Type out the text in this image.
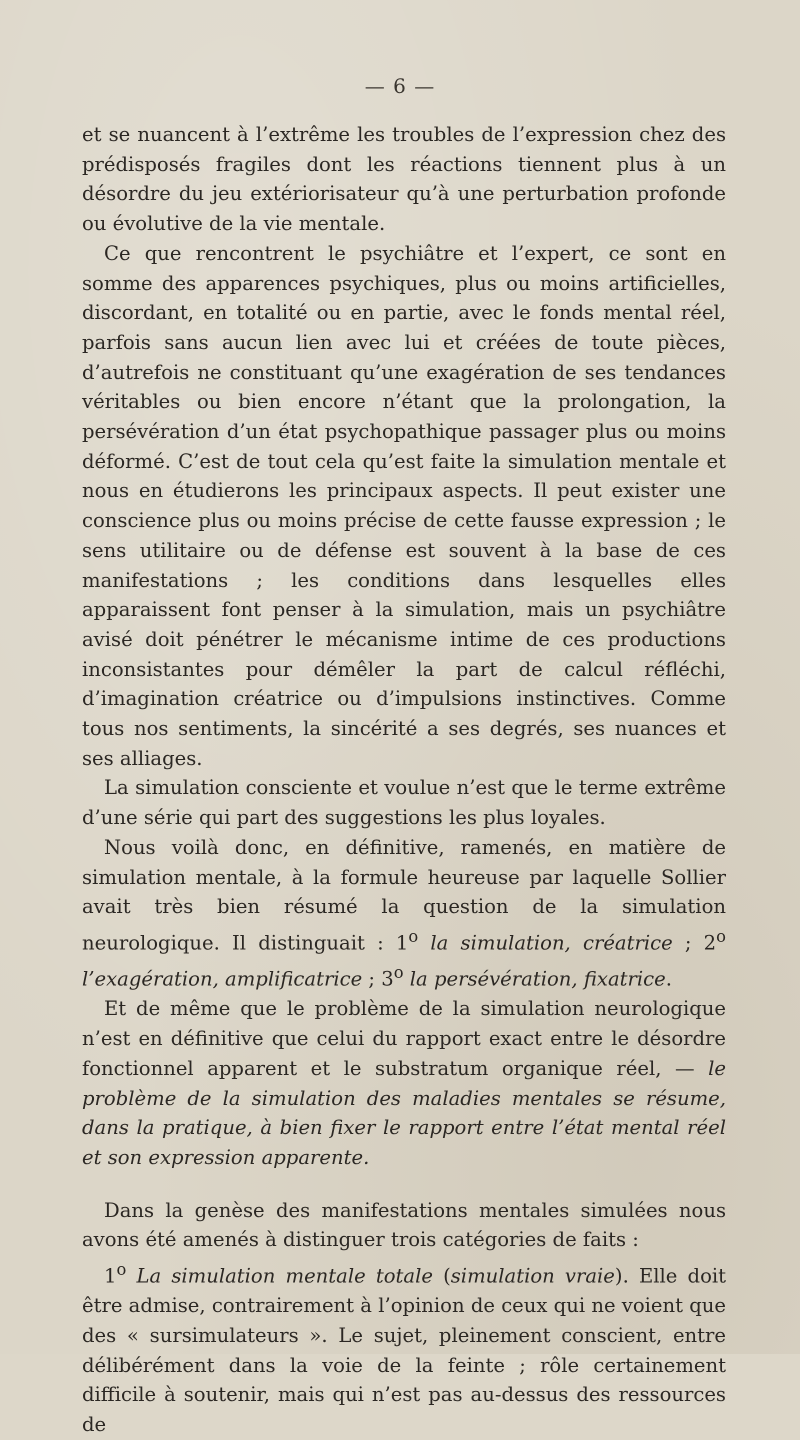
— 6 —

et se nuancent à l’extrême les troubles de l’expression chez des prédisposés fragiles dont les réactions tiennent plus à un désordre du jeu extériorisateur qu’à une perturbation profonde ou évolutive de la vie mentale.

Ce que rencontrent le psychiâtre et l’expert, ce sont en somme des apparences psychiques, plus ou moins artificielles, discordant, en totalité ou en partie, avec le fonds mental réel, parfois sans aucun lien avec lui et créées de toute pièces, d’autrefois ne constituant qu’une exagération de ses tendances véritables ou bien encore n’étant que la prolongation, la persévération d’un état psychopathique passager plus ou moins déformé. C’est de tout cela qu’est faite la simulation mentale et nous en étudierons les principaux aspects. Il peut exister une conscience plus ou moins précise de cette fausse expression ; le sens utilitaire ou de défense est souvent à la base de ces manifestations ; les conditions dans lesquelles elles apparaissent font penser à la simulation, mais un psychiâtre avisé doit pénétrer le mécanisme intime de ces productions inconsistantes pour démêler la part de calcul réfléchi, d’imagination créatrice ou d’impulsions instinctives. Comme tous nos sentiments, la sincérité a ses degrés, ses nuances et ses alliages.

La simulation consciente et voulue n’est que le terme extrême d’une série qui part des suggestions les plus loyales.

Nous voilà donc, en définitive, ramenés, en matière de simulation mentale, à la formule heureuse par laquelle Sollier avait très bien résumé la question de la simulation neurologique. Il distinguait : 1$^o$ la simulation, créatrice ; 2$^o$ l’exagération, amplificatrice ; 3$^o$ la persévération, fixatrice.

Et de même que le problème de la simulation neurologique n’est en définitive que celui du rapport exact entre le désordre fonctionnel apparent et le substratum organique réel, — le problème de la simulation des maladies mentales se résume, dans la pratique, à bien fixer le rapport entre l’état mental réel et son expression apparente.

Dans la genèse des manifestations mentales simulées nous avons été amenés à distinguer trois catégories de faits :

1$^o$ La simulation mentale totale (simulation vraie). Elle doit être admise, contrairement à l’opinion de ceux qui ne voient que des « sursimulateurs ». Le sujet, pleinement conscient, entre délibérément dans la voie de la feinte ; rôle certainement difficile à soutenir, mais qui n’est pas au-dessus des ressources de
